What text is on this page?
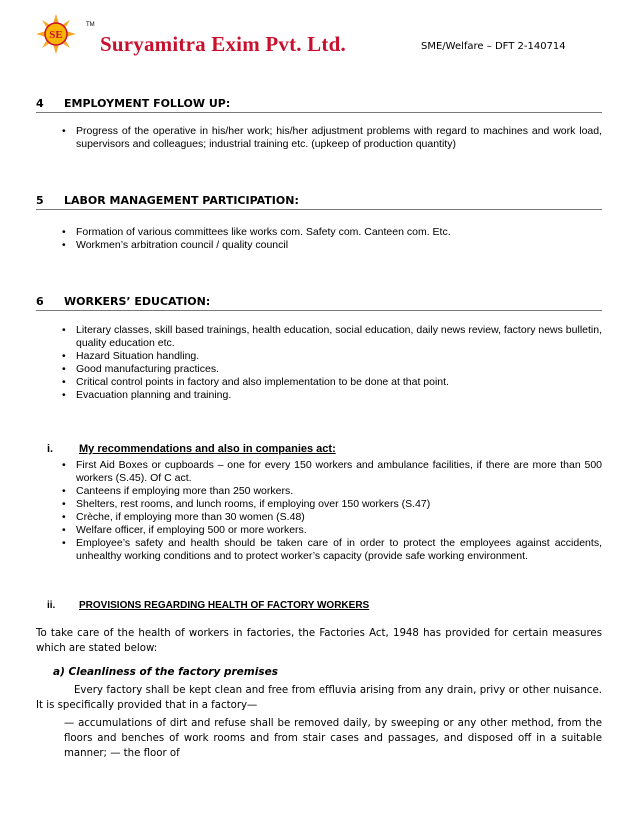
SE
TM
Suryamitra Exim Pvt. Ltd.	SME/Welfare – DFT 2-140714
4 EMPLOYMENT FOLLOW UP:
• Progress of the operative in his/her work; his/her adjustment problems with regard to machines and work load, supervisors and colleagues; industrial training etc. (upkeep of production quantity)
5 LABOR MANAGEMENT PARTICIPATION:
• Formation of various committees like works com. Safety com. Canteen com. Etc.
• Workmen’s arbitration council / quality council
6 WORKERS’ EDUCATION:
• Literary classes, skill based trainings, health education, social education, daily news review, factory news bulletin, quality education etc.
• Hazard Situation handling.
• Good manufacturing practices.
• Critical control points in factory and also implementation to be done at that point.
• Evacuation planning and training.
i. My recommendations and also in companies act:
• First Aid Boxes or cupboards – one for every 150 workers and ambulance facilities, if there are more than 500 workers (S.45). Of C act.
• Canteens if employing more than 250 workers.
• Shelters, rest rooms, and lunch rooms, if employing over 150 workers (S.47)
• Crèche, if employing more than 30 women (S.48)
• Welfare officer, if employing 500 or more workers.
• Employee’s safety and health should be taken care of in order to protect the employees against accidents, unhealthy working conditions and to protect worker’s capacity (provide safe working environment.
ii. PROVISIONS REGARDING HEALTH OF FACTORY WORKERS
To take care of the health of workers in factories, the Factories Act, 1948 has provided for certain measures which are stated below:
a) Cleanliness of the factory premises
Every factory shall be kept clean and free from effluvia arising from any drain, privy or other nuisance. It is specifically provided that in a factory—
— accumulations of dirt and refuse shall be removed daily, by sweeping or any other method, from the floors and benches of work rooms and from stair cases and passages, and disposed off in a suitable manner; — the floor of
